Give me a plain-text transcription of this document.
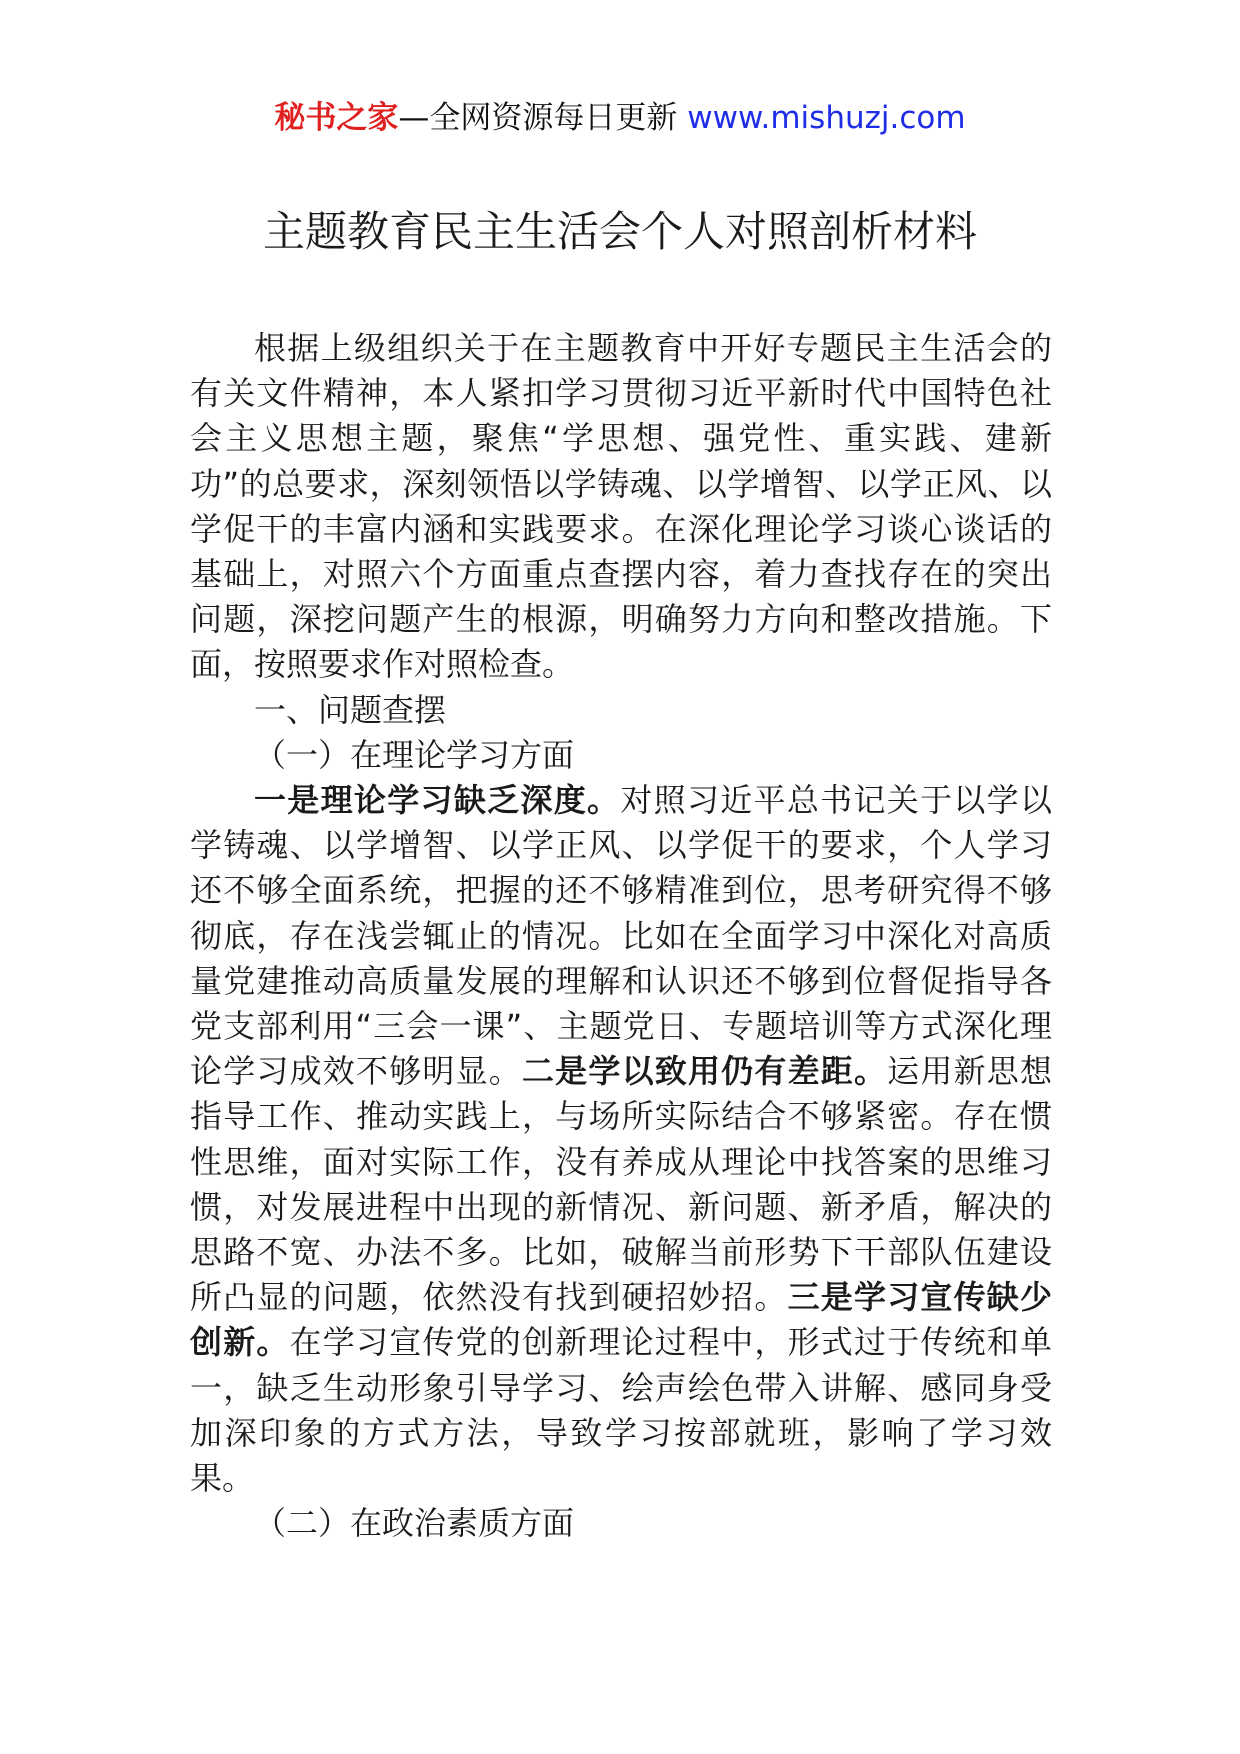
秘书之家—全网资源每日更新 www.mishuzj.com
主题教育民主生活会个人对照剖析材料

根据上级组织关于在主题教育中开好专题民主生活会的有关文件精神，本人紧扣学习贯彻习近平新时代中国特色社会主义思想主题，聚焦“学思想、强党性、重实践、建新功”的总要求，深刻领悟以学铸魂、以学增智、以学正风、以学促干的丰富内涵和实践要求。在深化理论学习谈心谈话的基础上，对照六个方面重点查摆内容，着力查找存在的突出问题，深挖问题产生的根源，明确努力方向和整改措施。下面，按照要求作对照检查。

一、问题查摆

（一）在理论学习方面

一是理论学习缺乏深度。对照习近平总书记关于以学以学铸魂、以学增智、以学正风、以学促干的要求，个人学习还不够全面系统，把握的还不够精准到位，思考研究得不够彻底，存在浅尝辄止的情况。比如在全面学习中深化对高质量党建推动高质量发展的理解和认识还不够到位督促指导各党支部利用“三会一课”、主题党日、专题培训等方式深化理论学习成效不够明显。二是学以致用仍有差距。运用新思想指导工作、推动实践上，与场所实际结合不够紧密。存在惯性思维，面对实际工作，没有养成从理论中找答案的思维习惯，对发展进程中出现的新情况、新问题、新矛盾，解决的思路不宽、办法不多。比如，破解当前形势下干部队伍建设所凸显的问题，依然没有找到硬招妙招。三是学习宣传缺少创新。在学习宣传党的创新理论过程中，形式过于传统和单一，缺乏生动形象引导学习、绘声绘色带入讲解、感同身受加深印象的方式方法，导致学习按部就班，影响了学习效果。

（二）在政治素质方面
